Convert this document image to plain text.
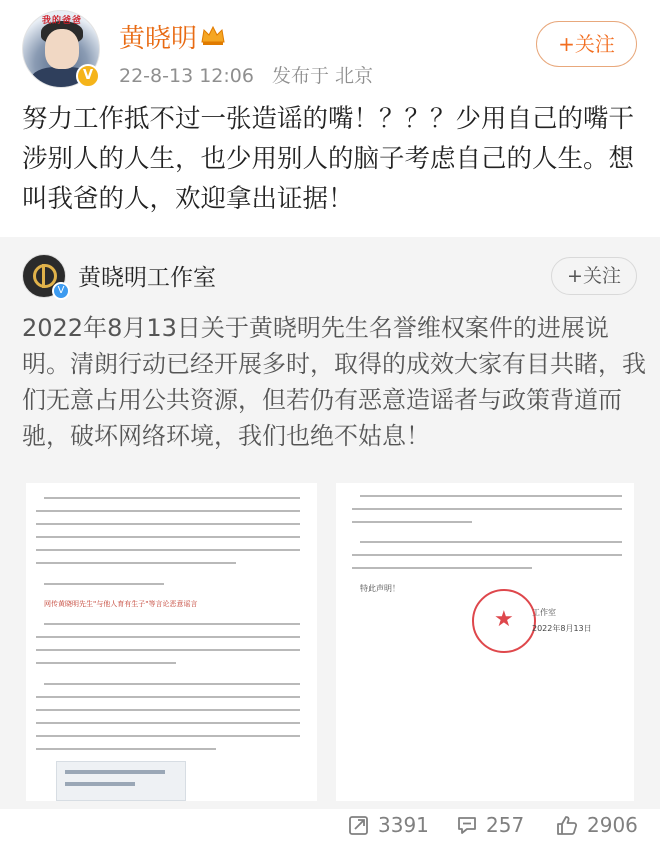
我的爸爸
V
黄晓明
22-8-13 12:06 发布于 北京
+关注
努力工作抵不过一张造谣的嘴！？？？少用自己的嘴干涉别人的人生，也少用别人的脑子考虑自己的人生。想叫我爸的人，欢迎拿出证据！
V 黄晓明工作室	+关注
2022年8月13日关于黄晓明先生名誉维权案件的进展说明。清朗行动已经开展多时，取得的成效大家有目共睹，我们无意占用公共资源，但若仍有恶意造谣者与政策背道而驰，破坏网络环境，我们也绝不姑息！
网传黄晓明先生"与他人育有生子"等言论恶意谣言
特此声明！
★ 工作室
2022年8月13日
3391	257	2906
